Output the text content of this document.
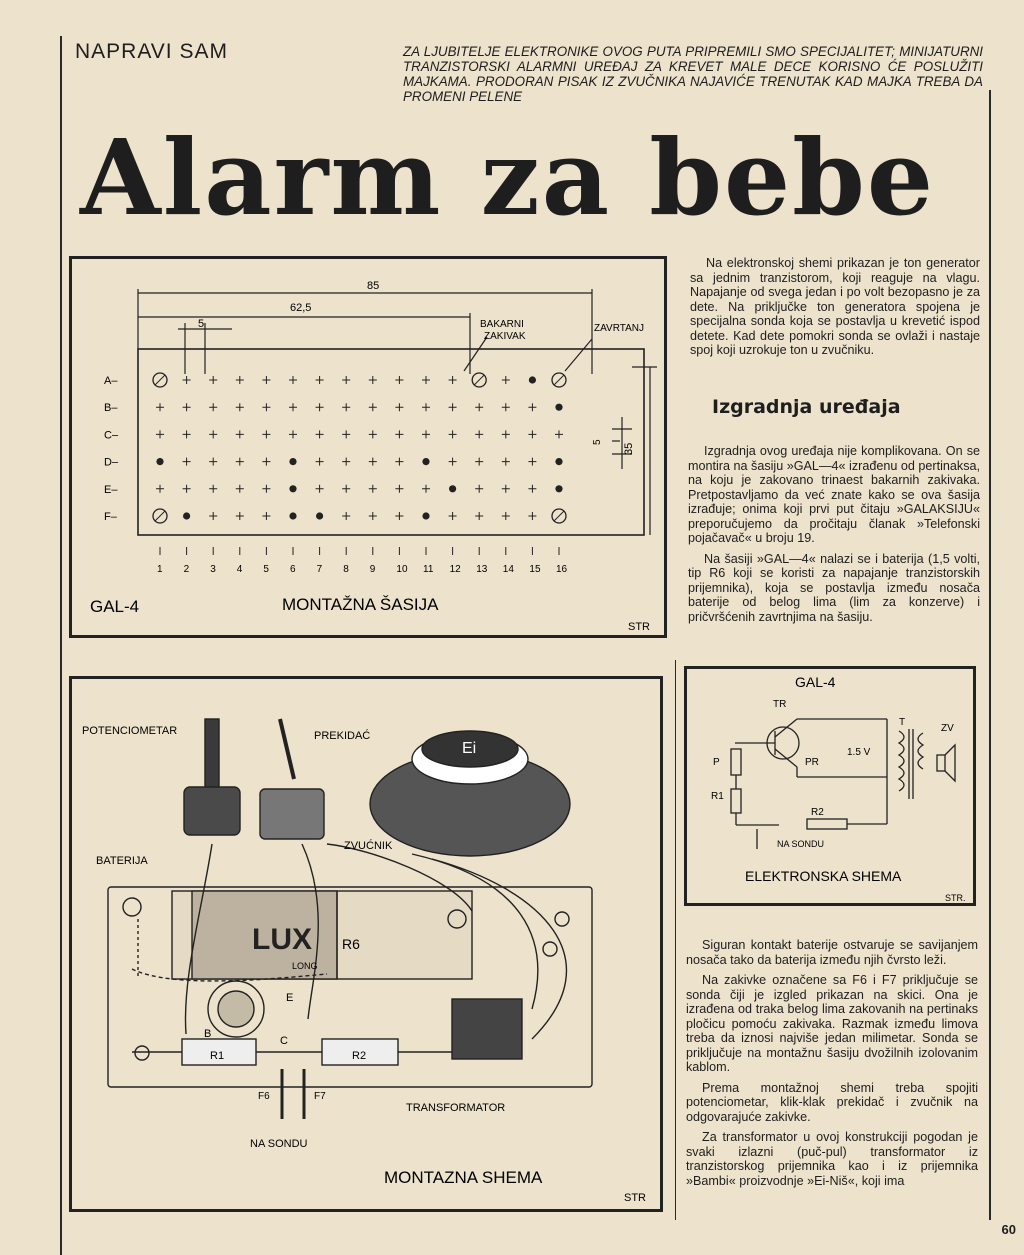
NAPRAVI SAM	ZA LJUBITELJE ELEKTRONIKE OVOG PUTA PRIPREMILI SMO SPECIJALITET; MINIJATURNI TRANZISTORSKI ALARMNI UREĐAJ ZA KREVET MALE DECE KORISNO ĆE POSLUŽITI MAJKAMA. PRODORAN PISAK IZ ZVUČNIKA NAJAVIĆE TRENUTAK KAD MAJKA TREBA DA PROMENI PELENE
Alarm za bebe
A–
B–
C–
D–
E–
F–
1 2 3 4 5 6 7 8 9 10 11 12 13 14 15 16
85
62,5
5	BAKARNI
ZAKIVAK
ZAVRTANJ
5
35
GAL-4	MONTAŽNA ŠASIJA
STR
Ei
LUX
LONG
R6
POTENCIOMETAR	PREKIDAĆ
ZVUĆNIK
BATERIJA
B
C
E
R1	R2
F6	F7
TRANSFORMATOR
NA SONDU
MONTAZNA SHEMA
STR
GAL-4
TR
P
R1
PR
R2
1.5 V
T
ZV
NA SONDU
ELEKTRONSKA SHEMA
STR.
Na elektronskoj shemi prikazan je ton generator sa jednim tranzistorom, koji reaguje na vlagu. Napajanje od svega jedan i po volt bezopasno je za dete. Na priključke ton generatora spojena je specijalna sonda koja se postavlja u krevetić ispod detete. Kad dete pomokri sonda se ovlaži i nastaje spoj koji uzrokuje ton u zvučniku.
Izgradnja uređaja

Izgradnja ovog uređaja nije komplikovana. On se montira na šasiju »GAL—4« izrađenu od pertinaksa, na koju je zakovano trinaest bakarnih zakivaka. Pretpostavljamo da već znate kako se ova šasija izrađuje; onima koji prvi put čitaju »GALAKSIJU« preporučujemo da pročitaju članak »Telefonski pojačavač« u broju 19.

Na šasiji »GAL—4« nalazi se i baterija (1,5 volti, tip R6 koji se koristi za napajanje tranzistorskih prijemnika), koja se postavlja između nosača baterije od belog lima (lim za konzerve) i pričvršćenih zavrtnjima na šasiju.

Siguran kontakt baterije ostvaruje se savijanjem nosača tako da baterija između njih čvrsto leži.

Na zakivke označene sa F6 i F7 priključuje se sonda čiji je izgled prikazan na skici. Ona je izrađena od traka belog lima zakovanih na pertinaks pločicu pomoću zakivaka. Razmak između limova treba da iznosi najviše jedan milimetar. Sonda se priključuje na montažnu šasiju dvožilnih izolovanim kablom.

Prema montažnoj shemi treba spojiti potenciometar, klik-klak prekidač i zvučnik na odgovarajuće zakivke.

Za transformator u ovoj konstrukciji pogodan je svaki izlazni (puč-pul) transformator iz tranzistorskog prijemnika kao i iz prijemnika »Bambi« proizvodnje »Ei-Niš«, koji ima

60
